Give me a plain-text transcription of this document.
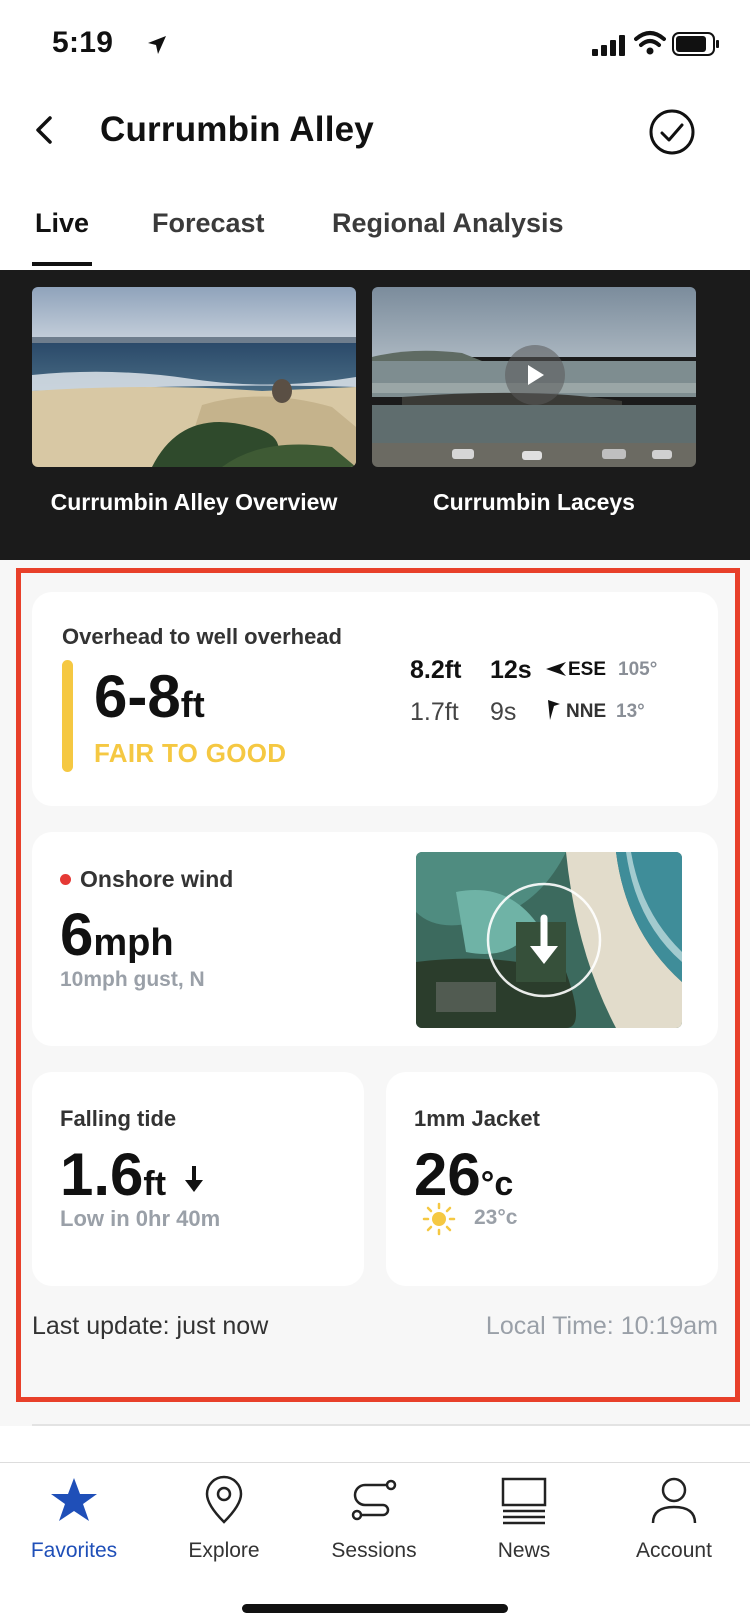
5:19
Currumbin Alley
Live Forecast Regional Analysis
Currumbin Alley Overview	Currumbin Laceys
Overhead to well overhead
6-8ft
FAIR TO GOOD
8.2ft 12s ESE 105°
1.7ft 9s	NNE 13°
Onshore wind
6mph
10mph gust, N
Falling tide
1.6ft
Low in 0hr 40m
1mm Jacket
26°c
23°c
Last update: just now	Local Time: 10:19am
Favorites	Explore	Sessions	News	Account
